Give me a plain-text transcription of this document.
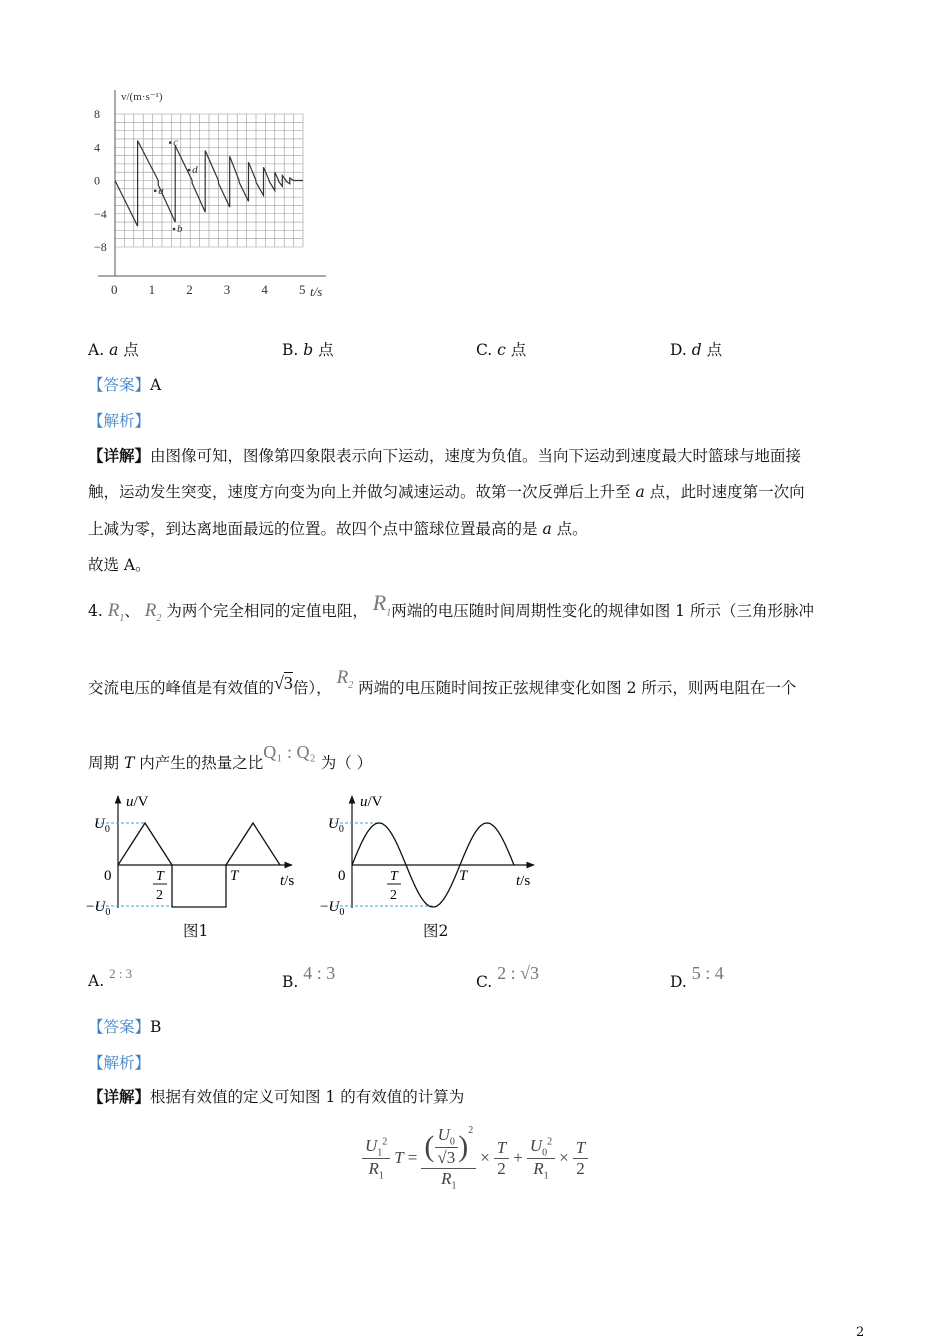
v/(m·s⁻¹)
t/s
8
4
0
−4
−8
0 1 2 3 4 5
a
b
c
d
A. a 点	B. b 点	C. c 点	D. d 点
【答案】A
【解析】
【详解】由图像可知，图像第四象限表示向下运动，速度为负值。当向下运动到速度最大时篮球与地面接
触，运动发生突变，速度方向变为向上并做匀减速运动。故第一次反弹后上升至 a 点，此时速度第一次向
上减为零，到达离地面最远的位置。故四个点中篮球位置最高的是 a 点。
故选 A。
4. $R_1$、 $R_2$ 为两个完全相同的定值电阻， $R_1$两端的电压随时间周期性变化的规律如图 1 所示（三角形脉冲
交流电压的峰值是有效值的√3倍）， $R_2$ 两端的电压随时间按正弦规律变化如图 2 所示，则两电阻在一个
周期 T 内产生的热量之比Q₁ : Q₂ 为（ ）
u/V
$U_0$
0
$-U_0$
T
2
T	t/s
图1
u/V
$U_0$
0
$-U_0$
T
2
T	t/s
图2
A. $^{2 : 3}$	B. 4 : 3	C. 2 : √3	D. 5 : 4
【答案】B
【解析】
【详解】根据有效值的定义可知图 1 的有效值的计算为
$\frac{U_1^2}{R_1}$ $T = \frac{( \frac{U_0}{√3} )^2}{R_1} \times \frac{T}{2} + \frac{U_0^2}{R_1} \times \frac{T}{2}$
2
